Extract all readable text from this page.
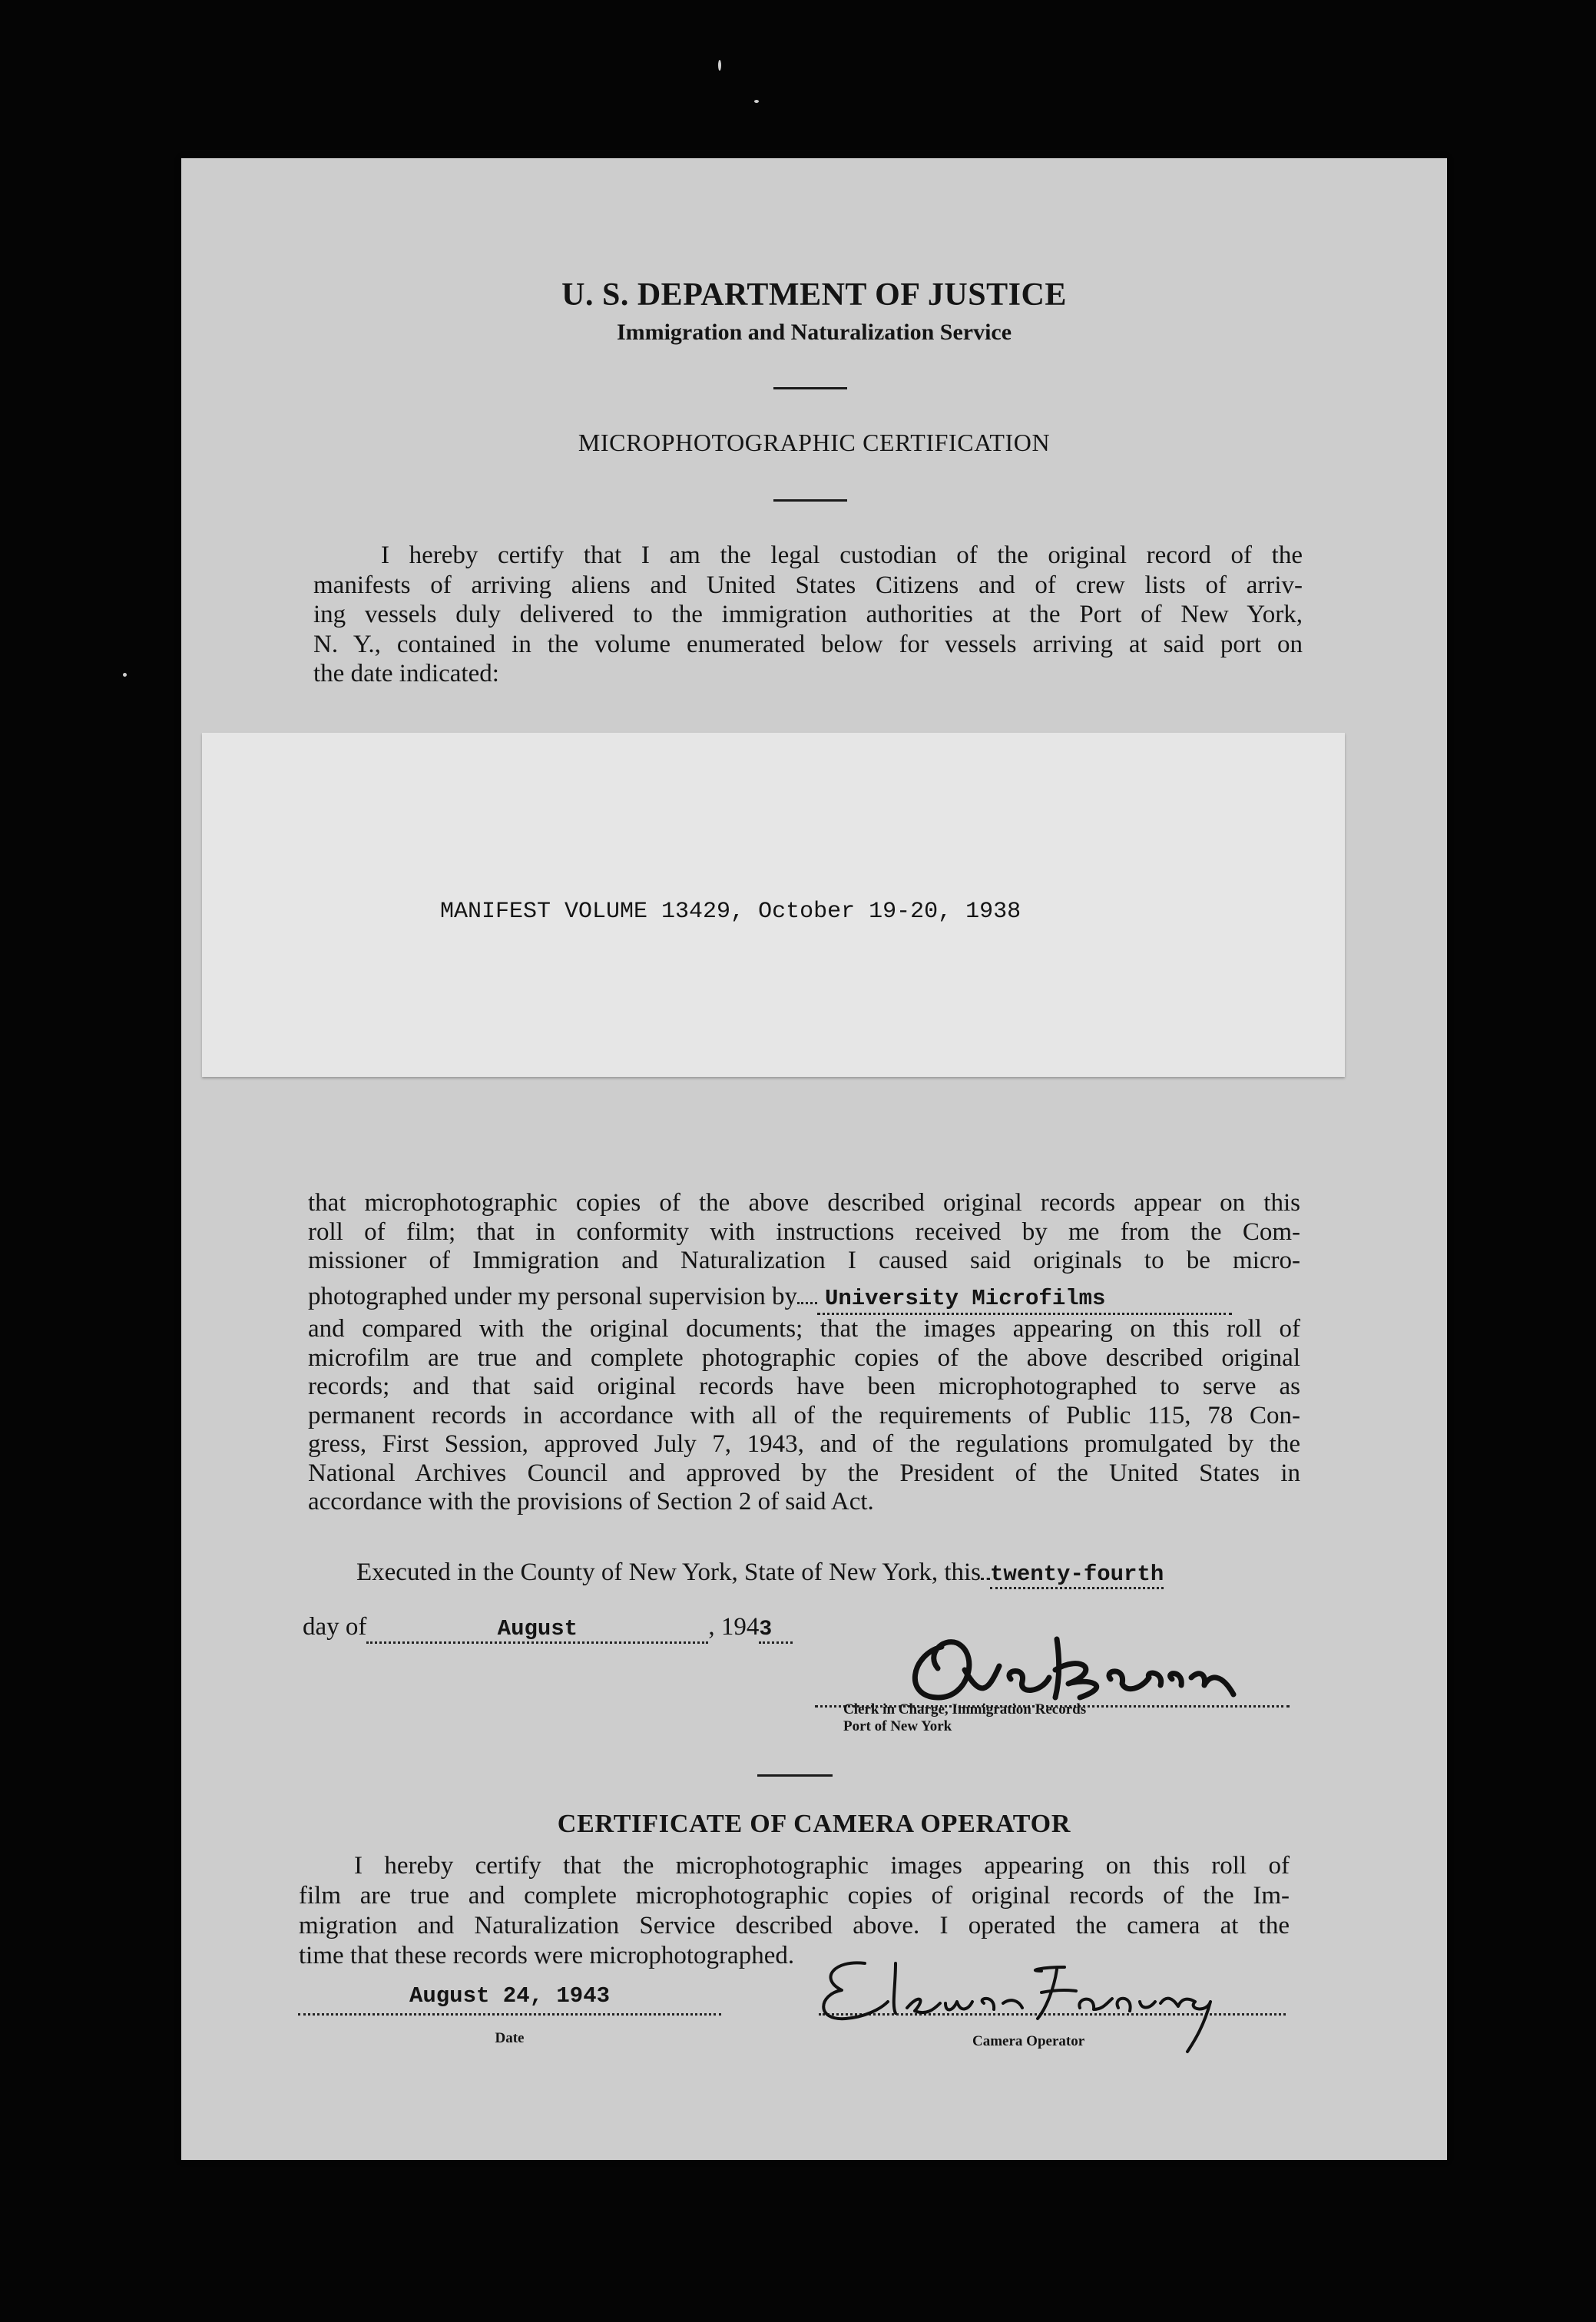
U. S. DEPARTMENT OF JUSTICE
Immigration and Naturalization Service
MICROPHOTOGRAPHIC CERTIFICATION
I hereby certify that I am the legal custodian of the original record of the
manifests of arriving aliens and United States Citizens and of crew lists of arriv-
ing vessels duly delivered to the immigration authorities at the Port of New York,
N. Y., contained in the volume enumerated below for vessels arriving at said port on
the date indicated:
MANIFEST VOLUME 13429, October 19-20, 1938
that microphotographic copies of the above described original records appear on this
roll of film; that in conformity with instructions received by me from the Com-
missioner of Immigration and Naturalization I caused said originals to be micro-
photographed under my personal supervision by University Microfilms
and compared with the original documents; that the images appearing on this roll of
microfilm are true and complete photographic copies of the above described original
records; and that said original records have been microphotographed to serve as
permanent records in accordance with all of the requirements of Public 115, 78 Con-
gress, First Session, approved July 7, 1943, and of the regulations promulgated by the
National Archives Council and approved by the President of the United States in
accordance with the provisions of Section 2 of said Act.
Executed in the County of New York, State of New York, this twenty-fourth
day of	August	, 1943
Clerk in Charge, Immigration Records
Port of New York
CERTIFICATE OF CAMERA OPERATOR
I hereby certify that the microphotographic images appearing on this roll of
film are true and complete microphotographic copies of original records of the Im-
migration and Naturalization Service described above. I operated the camera at the
time that these records were microphotographed.
August 24, 1943
Date	Camera Operator
